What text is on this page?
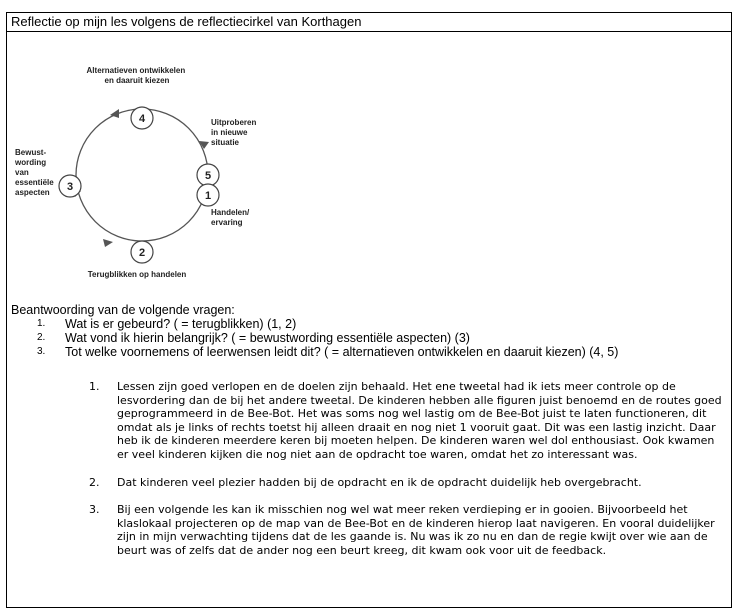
Reflectie op mijn les volgens de reflectiecirkel van Korthagen
4
5
1
2
3
Alternatieven ontwikkelen en daaruit kiezen
Uitproberen in nieuwe situatie
Handelen/ ervaring
Terugblikken op handelen
Bewust- wording van essentiële aspecten
Beantwoording van de volgende vragen:
1.	Wat is er gebeurd? ( = terugblikken) (1, 2)
2.	Wat vond ik hierin belangrijk? ( = bewustwording essentiële aspecten) (3)
3.	Tot welke voornemens of leerwensen leidt dit? ( = alternatieven ontwikkelen en daaruit kiezen) (4, 5)
1.	Lessen zijn goed verlopen en de doelen zijn behaald. Het ene tweetal had ik iets meer controle op de lesvordering dan de bij het andere tweetal. De kinderen hebben alle figuren juist benoemd en de routes goed geprogrammeerd in de Bee-Bot. Het was soms nog wel lastig om de Bee-Bot juist te laten functioneren, dit omdat als je links of rechts toetst hij alleen draait en nog niet 1 vooruit gaat. Dit was een lastig inzicht. Daar heb ik de kinderen meerdere keren bij moeten helpen. De kinderen waren wel dol enthousiast. Ook kwamen er veel kinderen kijken die nog niet aan de opdracht toe waren, omdat het zo interessant was.
2.	Dat kinderen veel plezier hadden bij de opdracht en ik de opdracht duidelijk heb overgebracht.
3.	Bij een volgende les kan ik misschien nog wel wat meer reken verdieping er in gooien. Bijvoorbeeld het klaslokaal projecteren op de map van de Bee-Bot en de kinderen hierop laat navigeren. En vooral duidelijker zijn in mijn verwachting tijdens dat de les gaande is. Nu was ik zo nu en dan de regie kwijt over wie aan de beurt was of zelfs dat de ander nog een beurt kreeg, dit kwam ook voor uit de feedback.
